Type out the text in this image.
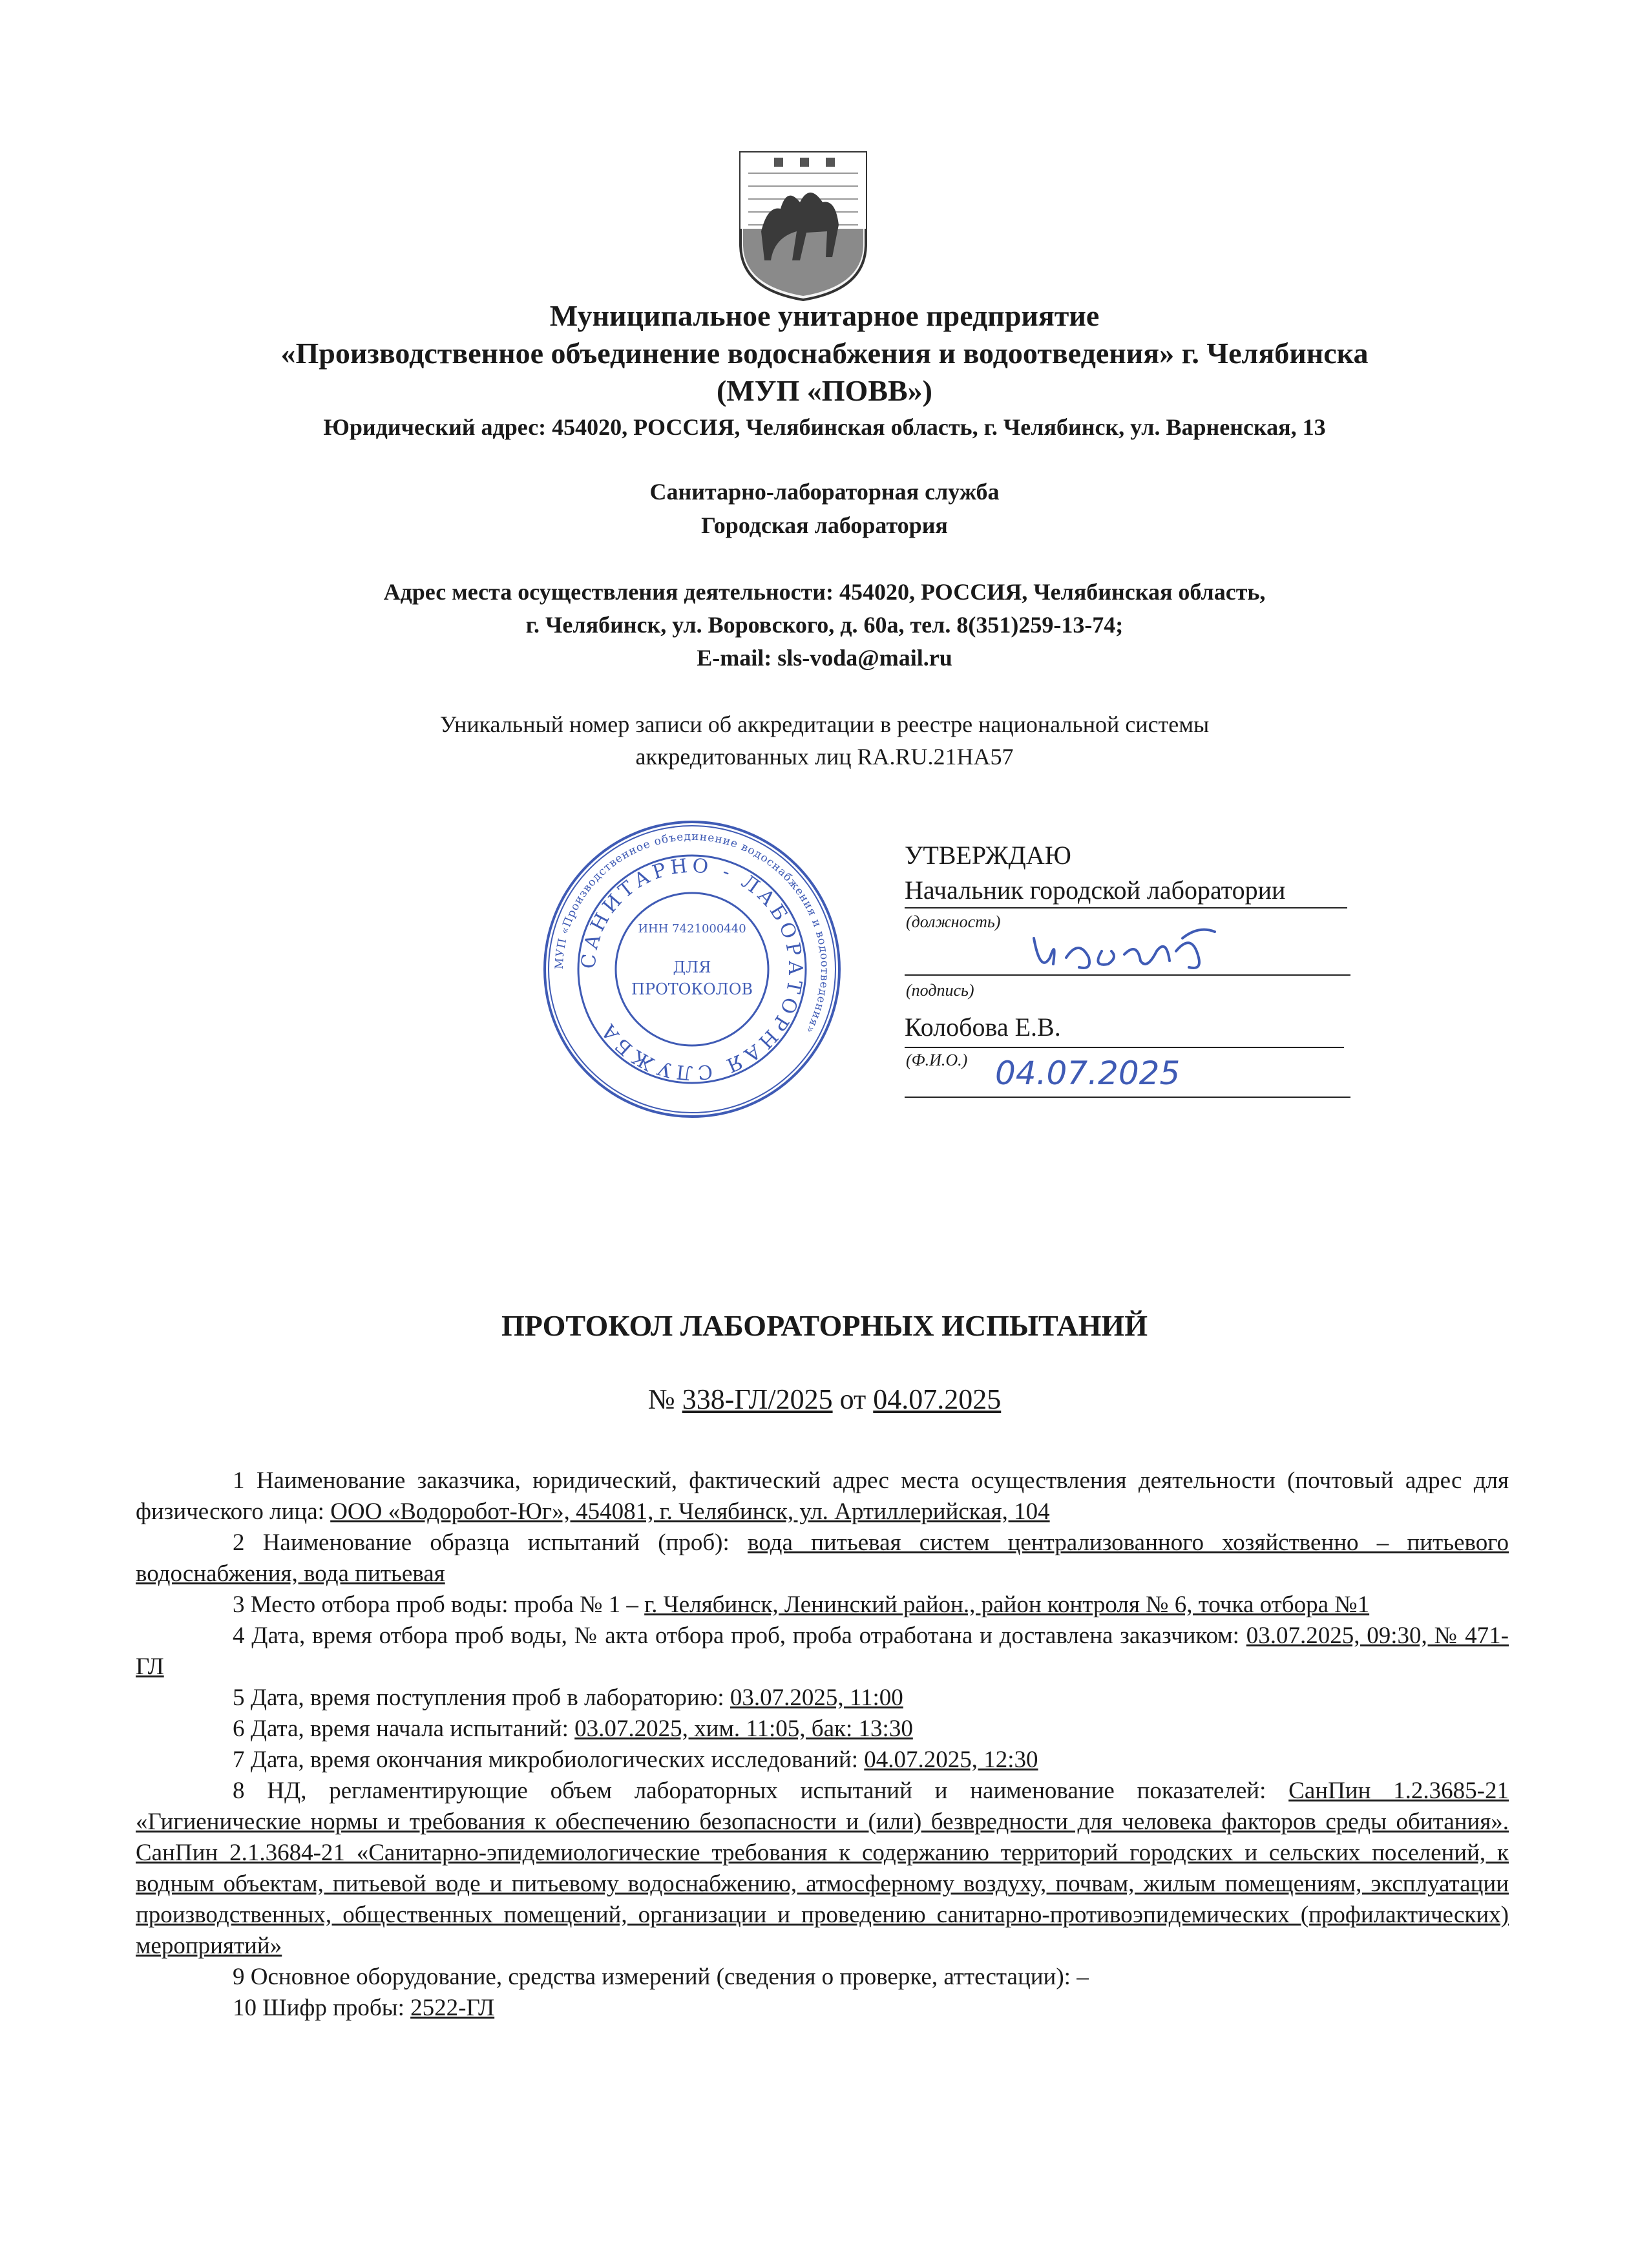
Муниципальное унитарное предприятие
«Производственное объединение водоснабжения и водоотведения» г. Челябинска
(МУП «ПОВВ»)
Юридический адрес: 454020, РОССИЯ, Челябинская область, г. Челябинск, ул. Варненская, 13
Санитарно-лабораторная служба
Городская лаборатория
Адрес места осуществления деятельности: 454020, РОССИЯ, Челябинская область,
г. Челябинск, ул. Воровского, д. 60а, тел. 8(351)259-13-74;
E-mail: sls-voda@mail.ru
Уникальный номер записи об аккредитации в реестре национальной системы
аккредитованных лиц RA.RU.21НА57
МУП «Производственное объединение водоснабжения и водоотведения»
САНИТАРНО - ЛАБОРАТОРНАЯ СЛУЖБА
ИНН 7421000440
ДЛЯ
ПРОТОКОЛОВ
УТВЕРЖДАЮ
Начальник городской лаборатории
(должность)
(подпись)
Колобова Е.В.
(Ф.И.О.) 04.07.2025
ПРОТОКОЛ ЛАБОРАТОРНЫХ ИСПЫТАНИЙ
№ 338-ГЛ/2025 от 04.07.2025

1 Наименование заказчика, юридический, фактический адрес места осуществления деятельности (почтовый адрес для физического лица: ООО «Водоробот-Юг», 454081, г. Челябинск, ул. Артиллерийская, 104

2 Наименование образца испытаний (проб): вода питьевая систем централизованного хозяйственно – питьевого водоснабжения, вода питьевая

3 Место отбора проб воды: проба № 1 – г. Челябинск, Ленинский район., район контроля № 6, точка отбора №1

4 Дата, время отбора проб воды, № акта отбора проб, проба отработана и доставлена заказчиком: 03.07.2025, 09:30, № 471-ГЛ

5 Дата, время поступления проб в лабораторию: 03.07.2025, 11:00

6 Дата, время начала испытаний: 03.07.2025, хим. 11:05, бак: 13:30

7 Дата, время окончания микробиологических исследований: 04.07.2025, 12:30

8 НД, регламентирующие объем лабораторных испытаний и наименование показателей: СанПин 1.2.3685-21 «Гигиенические нормы и требования к обеспечению безопасности и (или) безвредности для человека факторов среды обитания». СанПин 2.1.3684-21 «Санитарно-эпидемиологические требования к содержанию территорий городских и сельских поселений, к водным объектам, питьевой воде и питьевому водоснабжению, атмосферному воздуху, почвам, жилым помещениям, эксплуатации производственных, общественных помещений, организации и проведению санитарно-противоэпидемических (профилактических) мероприятий»

9 Основное оборудование, средства измерений (сведения о проверке, аттестации): –

10 Шифр пробы: 2522-ГЛ
